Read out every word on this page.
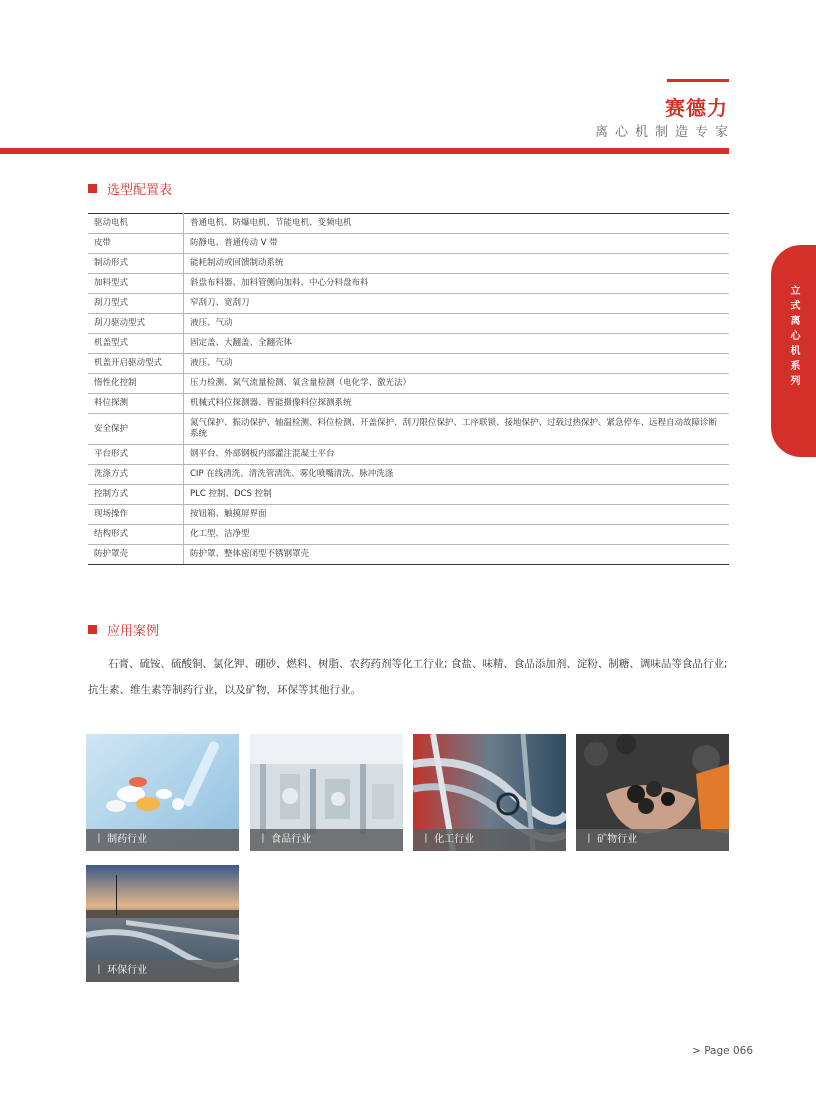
赛德力
离心机制造专家
立式离心机系列
选型配置表
驱动电机	普通电机、防爆电机、节能电机、变频电机
皮带	防静电、普通传动 V 带
制动形式	能耗制动或回馈制动系统
加料型式	斜盘布料器、加料管侧向加料、中心分料盘布料
刮刀型式	窄刮刀、宽刮刀
刮刀驱动型式	液压、气动
机盖型式	固定盖、大翻盖、全翻壳体
机盖开启驱动型式	液压、气动
惰性化控制	压力检测、氮气流量检测、氧含量检测（电化学、激光法）
料位探测	机械式料位探测器、智能摄像料位探测系统
安全保护	氮气保护、振动保护、轴温检测、料位检测、开盖保护、刮刀限位保护、工序联锁、接地保护、过载过热保护、紧急停车、远程自动故障诊断系统
平台形式	钢平台、外部钢板内部灌注混凝土平台
洗涤方式	CIP 在线清洗、清洗管清洗、雾化喷嘴清洗、脉冲洗涤
控制方式	PLC 控制、DCS 控制
现场操作	按钮箱、触摸屏界面
结构形式	化工型、洁净型
防护罩壳	防护罩、整体密闭型不锈钢罩壳
应用案例

石膏、硫铵、硫酸铜、氯化钾、硼砂、燃料、树脂、农药药剂等化工行业; 食盐、味精、食品添加剂、淀粉、制糖、调味品等食品行业; 抗生素、维生素等制药行业，以及矿物，环保等其他行业。

丨 制药行业	丨 食品行业	丨 化工行业	丨 矿物行业
丨 环保行业
> Page 066
